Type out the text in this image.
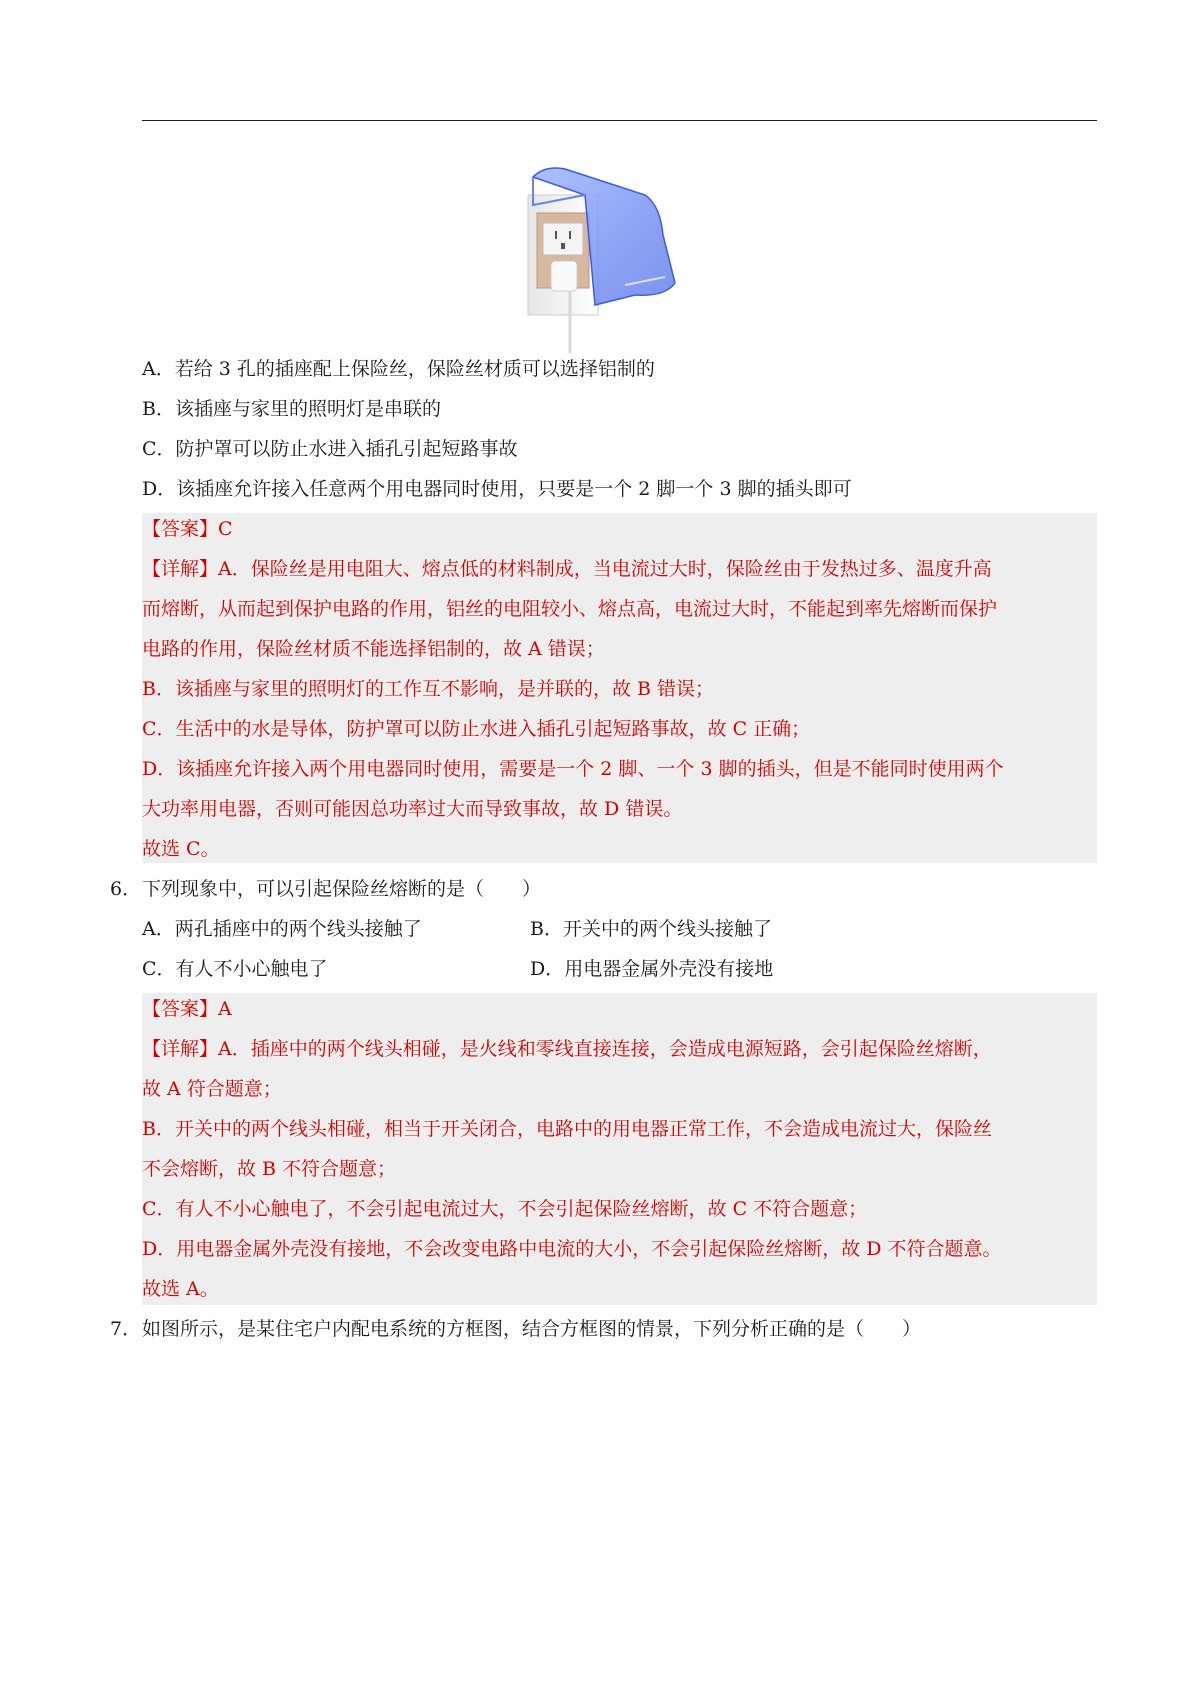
A．若给 3 孔的插座配上保险丝，保险丝材质可以选择铝制的
B．该插座与家里的照明灯是串联的
C．防护罩可以防止水进入插孔引起短路事故
D．该插座允许接入任意两个用电器同时使用，只要是一个 2 脚一个 3 脚的插头即可
【答案】C
【详解】A．保险丝是用电阻大、熔点低的材料制成，当电流过大时，保险丝由于发热过多、温度升高
而熔断，从而起到保护电路的作用，铝丝的电阻较小、熔点高，电流过大时，不能起到率先熔断而保护
电路的作用，保险丝材质不能选择铝制的，故 A 错误；
B．该插座与家里的照明灯的工作互不影响，是并联的，故 B 错误；
C．生活中的水是导体，防护罩可以防止水进入插孔引起短路事故，故 C 正确；
D．该插座允许接入两个用电器同时使用，需要是一个 2 脚、一个 3 脚的插头，但是不能同时使用两个
大功率用电器，否则可能因总功率过大而导致事故，故 D 错误。
故选 C。
6． 下列现象中，可以引起保险丝熔断的是（　　）
A．两孔插座中的两个线头接触了	B．开关中的两个线头接触了
C．有人不小心触电了	D．用电器金属外壳没有接地
【答案】A
【详解】A．插座中的两个线头相碰，是火线和零线直接连接，会造成电源短路，会引起保险丝熔断，
故 A 符合题意；
B．开关中的两个线头相碰，相当于开关闭合，电路中的用电器正常工作，不会造成电流过大，保险丝
不会熔断，故 B 不符合题意；
C．有人不小心触电了，不会引起电流过大，不会引起保险丝熔断，故 C 不符合题意；
D．用电器金属外壳没有接地，不会改变电路中电流的大小，不会引起保险丝熔断，故 D 不符合题意。
故选 A。
7． 如图所示，是某住宅户内配电系统的方框图，结合方框图的情景，下列分析正确的是（　　）
